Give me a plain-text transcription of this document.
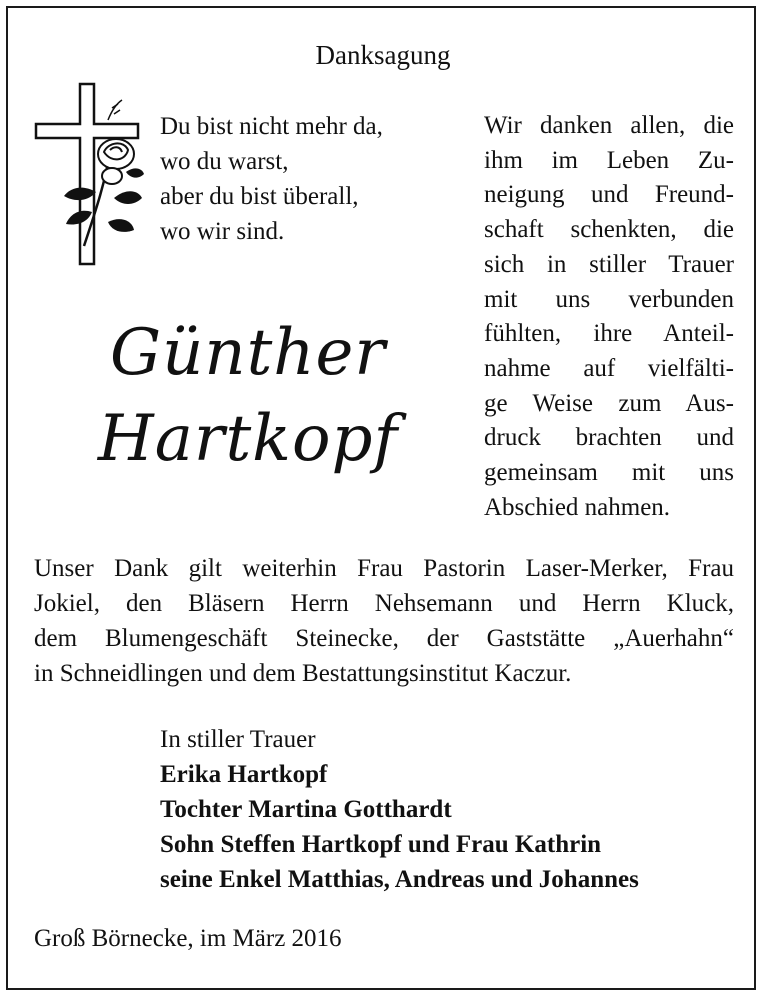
Danksagung
Du bist nicht mehr da,
wo du warst,
aber du bist überall,
wo wir sind.
Wir danken allen, die
ihm im Leben Zu-
neigung und Freund-
schaft schenkten, die
sich in stiller Trauer
mit uns verbunden
fühlten, ihre Anteil-
nahme auf vielfälti-
ge Weise zum Aus-
druck brachten und
gemeinsam mit uns
Abschied nahmen.
Günther
Hartkopf
Unser Dank gilt weiterhin Frau Pastorin Laser-Merker, Frau
Jokiel, den Bläsern Herrn Nehsemann und Herrn Kluck,
dem Blumengeschäft Steinecke, der Gaststätte „Auerhahn“
in Schneidlingen und dem Bestattungsinstitut Kaczur.
In stiller Trauer
Erika Hartkopf
Tochter Martina Gotthardt
Sohn Steffen Hartkopf und Frau Kathrin
seine Enkel Matthias, Andreas und Johannes
Groß Börnecke, im März 2016
